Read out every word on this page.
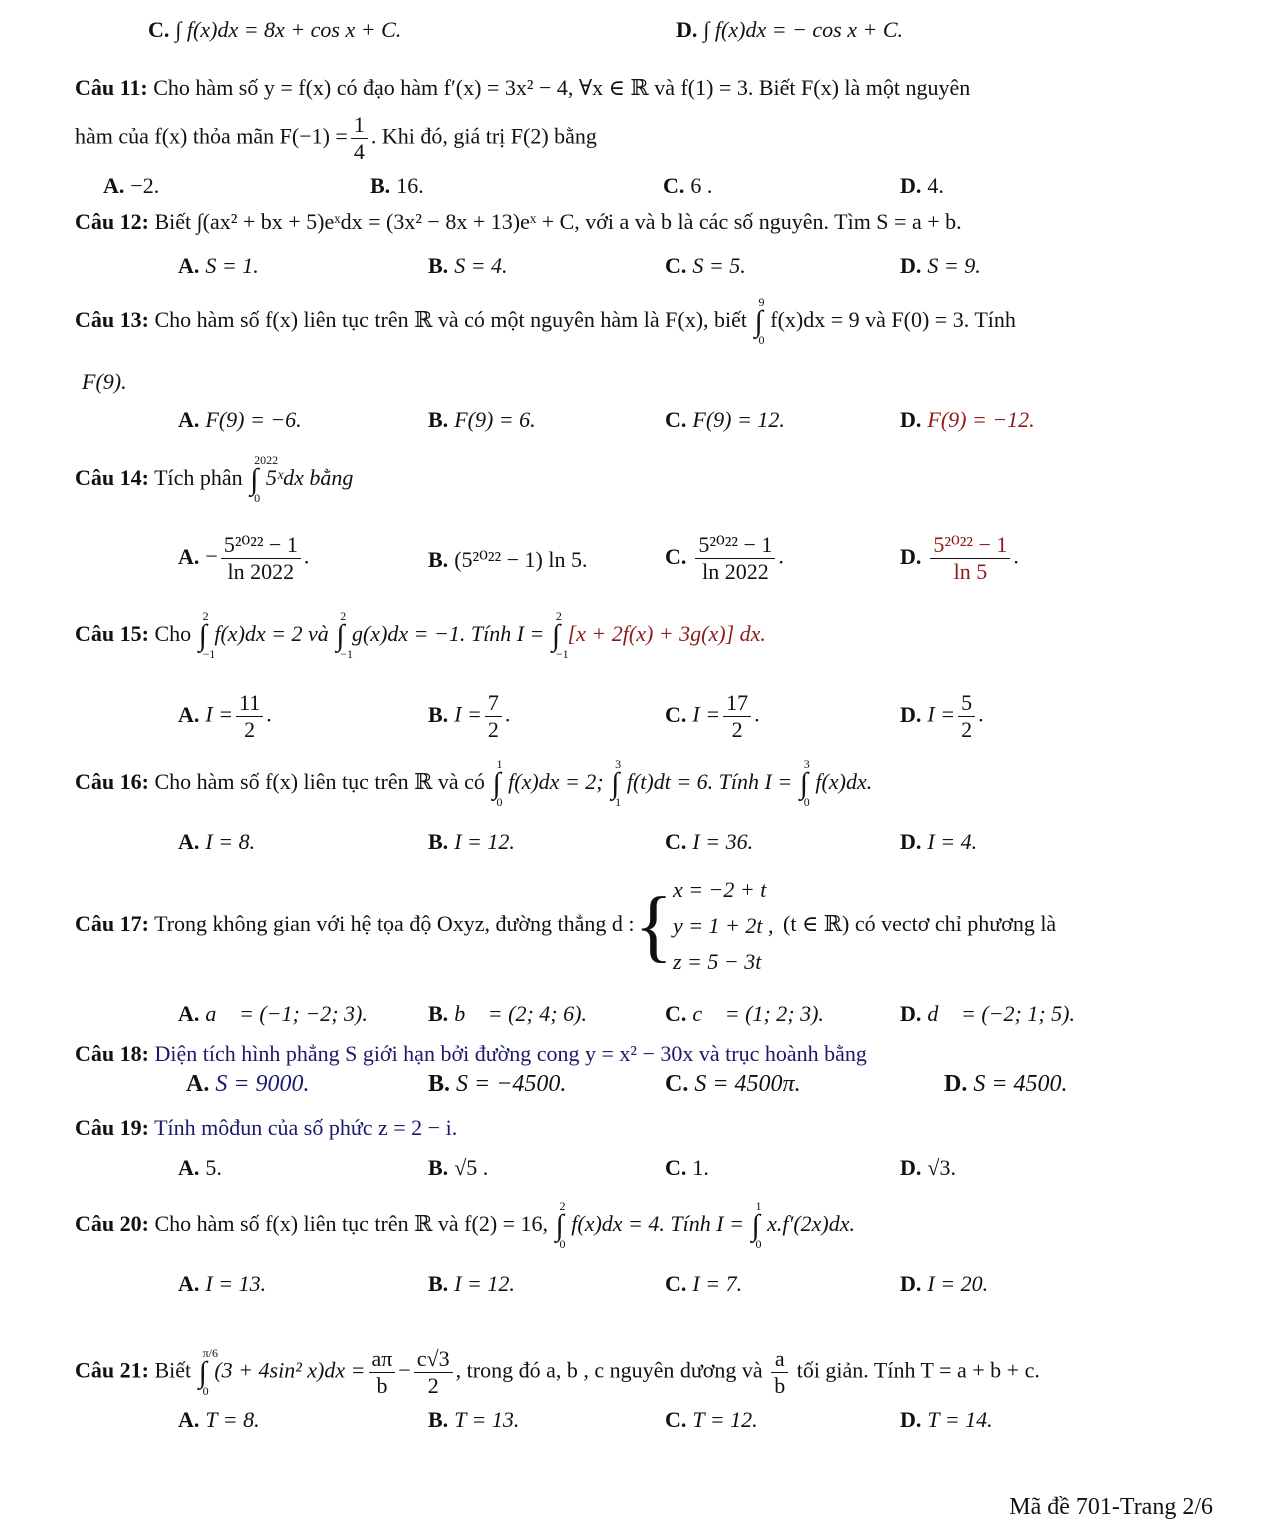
C. ∫ f(x)dx = 8x + cos x + C.	D. ∫ f(x)dx = − cos x + C.
Câu 11: Cho hàm số y = f(x) có đạo hàm f′(x) = 3x² − 4, ∀x ∈ ℝ và f(1) = 3. Biết F(x) là một nguyên
hàm của f(x) thỏa mãn $F(-1) = \frac{1}{4}$ . Khi đó, giá trị F(2) bằng
A. −2.	B. 16.	C. 6 .	D. 4.
Câu 12: Biết ∫(ax² + bx + 5)eˣdx = (3x² − 8x + 13)eˣ + C, với a và b là các số nguyên. Tìm S = a + b.
A. S = 1.	B. S = 4.	C. S = 5.	D. S = 9.
Câu 13: Cho hàm số f(x) liên tục trên ℝ và có một nguyên hàm là F(x), biết ∫
9
0
f(x)dx = 9 và F(0) = 3. Tính
F(9).
A. F(9) = −6.	B. F(9) = 6.	C. F(9) = 12.	D. F(9) = −12.
Câu 14: Tích phân ∫
2022
0
5ˣdx bằng
A. − $\frac{\text{5²⁰²² − 1}}{\ln 2022}$ .	B. (5²⁰²² − 1) ln 5.	C. $\frac{\text{5²⁰²² − 1}}{\ln 2022}$ .	D. $\frac{\text{5²⁰²² − 1}}{\ln 5}$ .
Câu 15: Cho ∫
2
−1
f(x)dx = 2 và ∫
2
−1
g(x)dx = −1. Tính I = ∫
2
−1
[x + 2f(x) + 3g(x)] dx.
A. $I = \frac{11}{2}$ .	B. $I = \frac{7}{2}$ .	C. $I = \frac{17}{2}$ .	D. $I = \frac{5}{2}$ .
Câu 16: Cho hàm số f(x) liên tục trên ℝ và có ∫
1
0
f(x)dx = 2; ∫
3
1
f(t)dt = 6. Tính I = ∫
3
0
f(x)dx.
A. I = 8.	B. I = 12.	C. I = 36.	D. I = 4.
Câu 17: Trong không gian với hệ tọa độ Oxyz, đường thẳng d :{ x = −2 + t
y = 1 + 2t ,
z = 5 − 3t
(t ∈ ℝ) có vectơ chỉ phương là
A. a⃗ = (−1; −2; 3).	B. b⃗ = (2; 4; 6).	C. c⃗ = (1; 2; 3).	D. d⃗ = (−2; 1; 5).
Câu 18: Diện tích hình phẳng S giới hạn bởi đường cong y = x² − 30x và trục hoành bằng
A. S = 9000.	B. S = −4500.	C. S = 4500π.	D. S = 4500.
Câu 19: Tính môđun của số phức z = 2 − i.
A. 5.	B. √5 .	C. 1.	D. √3.
Câu 20: Cho hàm số f(x) liên tục trên ℝ và f(2) = 16, ∫
2
0
f(x)dx = 4. Tính I = ∫
1
0
x.f′(2x)dx.
A. I = 13.	B. I = 12.	C. I = 7.	D. I = 20.
Câu 21: Biết ∫
π/6
0
(3 + 4sin² $x)dx = \frac{a\pi}{b} - \frac{c√3}{2}$ , trong đó a, b , c nguyên dương và $\frac{a}{b}$ tối giản. Tính T = a + b + c.
A. T = 8.	B. T = 13.	C. T = 12.	D. T = 14.
Mã đề 701-Trang 2/6
